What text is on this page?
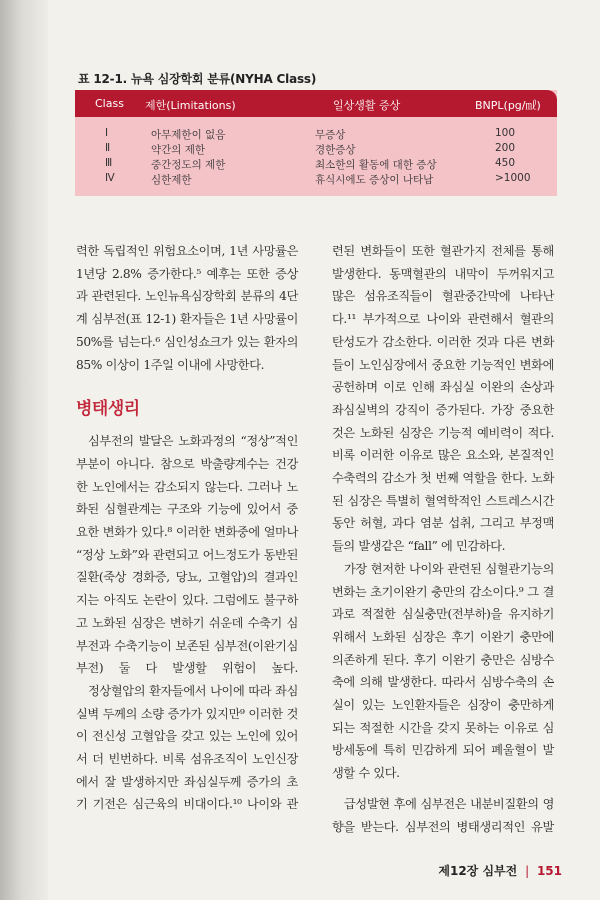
표 12-1. 뉴욕 심장학회 분류(NYHA Class)
Class 제한(Limitations)	일상생활 증상	BNPL(pg/㎖)
Ⅰ	아무제한이 없음	무증상	100
Ⅱ	약간의 제한	경한증상	200
Ⅲ	중간정도의 제한	최소한의 활동에 대한 증상	450
Ⅳ	심한제한	휴식시에도 증상이 나타남	>1000

력한 독립적인 위험요소이며, 1년 사망률은 1년당 2.8% 증가한다.⁵ 예후는 또한 증상과 관련된다. 노인뉴욕심장학회 분류의 4단계 심부전(표 12-1) 환자들은 1년 사망률이 50%를 넘는다.⁶ 심인성쇼크가 있는 환자의 85% 이상이 1주일 이내에 사망한다.

병태생리

심부전의 발달은 노화과정의 “정상”적인 부분이 아니다. 참으로 박출량계수는 건강한 노인에서는 감소되지 않는다. 그러나 노화된 심혈관계는 구조와 기능에 있어서 중요한 변화가 있다.⁸ 이러한 변화중에 얼마나 “정상 노화”와 관련되고 어느정도가 동반된 질환(죽상 경화증, 당뇨, 고혈압)의 결과인지는 아직도 논란이 있다. 그럼에도 불구하고 노화된 심장은 변하기 쉬운데 수축기 심부전과 수축기능이 보존된 심부전(이완기심부전) 둘 다 발생할 위험이 높다.

정상혈압의 환자들에서 나이에 따라 좌심실벽 두께의 소량 증가가 있지만⁹ 이러한 것이 전신성 고혈압을 갖고 있는 노인에 있어서 더 빈번하다. 비록 섬유조직이 노인신장에서 잘 발생하지만 좌심실두께 증가의 초기 기전은 심근육의 비대이다.¹⁰ 나이와 관

련된 변화들이 또한 혈관가지 전체를 통해 발생한다. 동맥혈관의 내막이 두꺼워지고 많은 섬유조직들이 혈관중간막에 나타난다.¹¹ 부가적으로 나이와 관련해서 혈관의 탄성도가 감소한다. 이러한 것과 다른 변화들이 노인심장에서 중요한 기능적인 변화에 공헌하며 이로 인해 좌심실 이완의 손상과 좌심실벽의 강직이 증가된다. 가장 중요한 것은 노화된 심장은 기능적 예비력이 적다. 비록 이러한 이유로 많은 요소와, 본질적인 수축력의 감소가 첫 번째 역할을 한다. 노화된 심장은 특별히 혈역학적인 스트레스시간 동안 허혈, 과다 염분 섭취, 그리고 부정맥들의 발생같은 “fall” 에 민감하다.

가장 현저한 나이와 관련된 심혈관기능의 변화는 초기이완기 충만의 감소이다.⁹ 그 결과로 적절한 심실충만(전부하)을 유지하기 위해서 노화된 심장은 후기 이완기 충만에 의존하게 된다. 후기 이완기 충만은 심방수축에 의해 발생한다. 따라서 심방수축의 손실이 있는 노인환자들은 심장이 충만하게 되는 적절한 시간을 갖지 못하는 이유로 심방세동에 특히 민감하게 되어 폐울혈이 발생할 수 있다.

급성발현 후에 심부전은 내분비질환의 영향을 받는다. 심부전의 병태생리적인 유발

제12장 심부전 | 151
